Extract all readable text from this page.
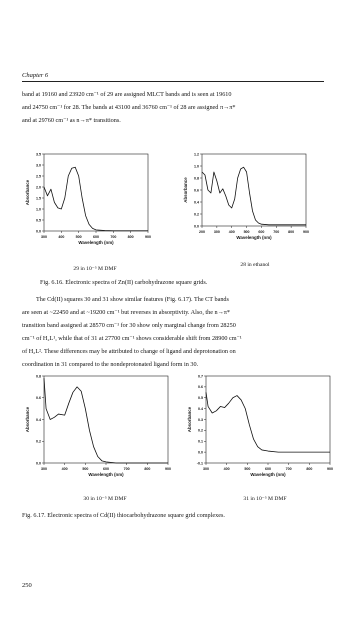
Chapter 6

band at 19160 and 23920 cm⁻¹ of 29 are assigned MLCT bands and is seen at 19610

and 24750 cm⁻¹ for 28. The bands at 43100 and 36760 cm⁻¹ of 28 are assigned π→π*

and at 29760 cm⁻¹ as n→π* transitions.

300	400	500	600	700	800	900
0.0
0.5
1.0
1.5
2.0
2.5
3.0
3.5
Wavelength (nm)
Absorbance
200 300 400 500 600 700 800 900
0.0
0.2
0.4
0.6
0.8
1.0
1.2
Wavelength (nm)
Absorbance
29 in 10⁻⁵ M DMF
28 in ethanol
Fig. 6.16. Electronic spectra of Zn(II) carbohydrazone square grids.

The Cd(II) squares 30 and 31 show similar features (Fig. 6.17). The CT bands

are seen at ~22450 and at ~19200 cm⁻¹ but reverses in absorptivity. Also, the n→π*

transition band assigned at 28570 cm⁻¹ for 30 show only marginal change from 28250

cm⁻¹ of H₂L¹, while that of 31 at 27700 cm⁻¹ shows considerable shift from 28900 cm⁻¹

of H₂L². These differences may be attributed to change of ligand and deprotonation on

coordination in 31 compared to the nondeprotonated ligand form in 30.

300	400	500	600	700	800	900
0.0
0.2
0.4
0.6
0.8
Wavelength (nm)
Absorbance
300	400	500	600	700	800	900
-0.1
0.0
0.1
0.2
0.3
0.4
0.5
0.6
0.7
Wavelength (nm)
Absorbance
30 in 10⁻⁵ M DMF	31 in 10⁻⁵ M DMF
Fig. 6.17. Electronic spectra of Cd(II) thiocarbohydrazone square grid complexes.
250
